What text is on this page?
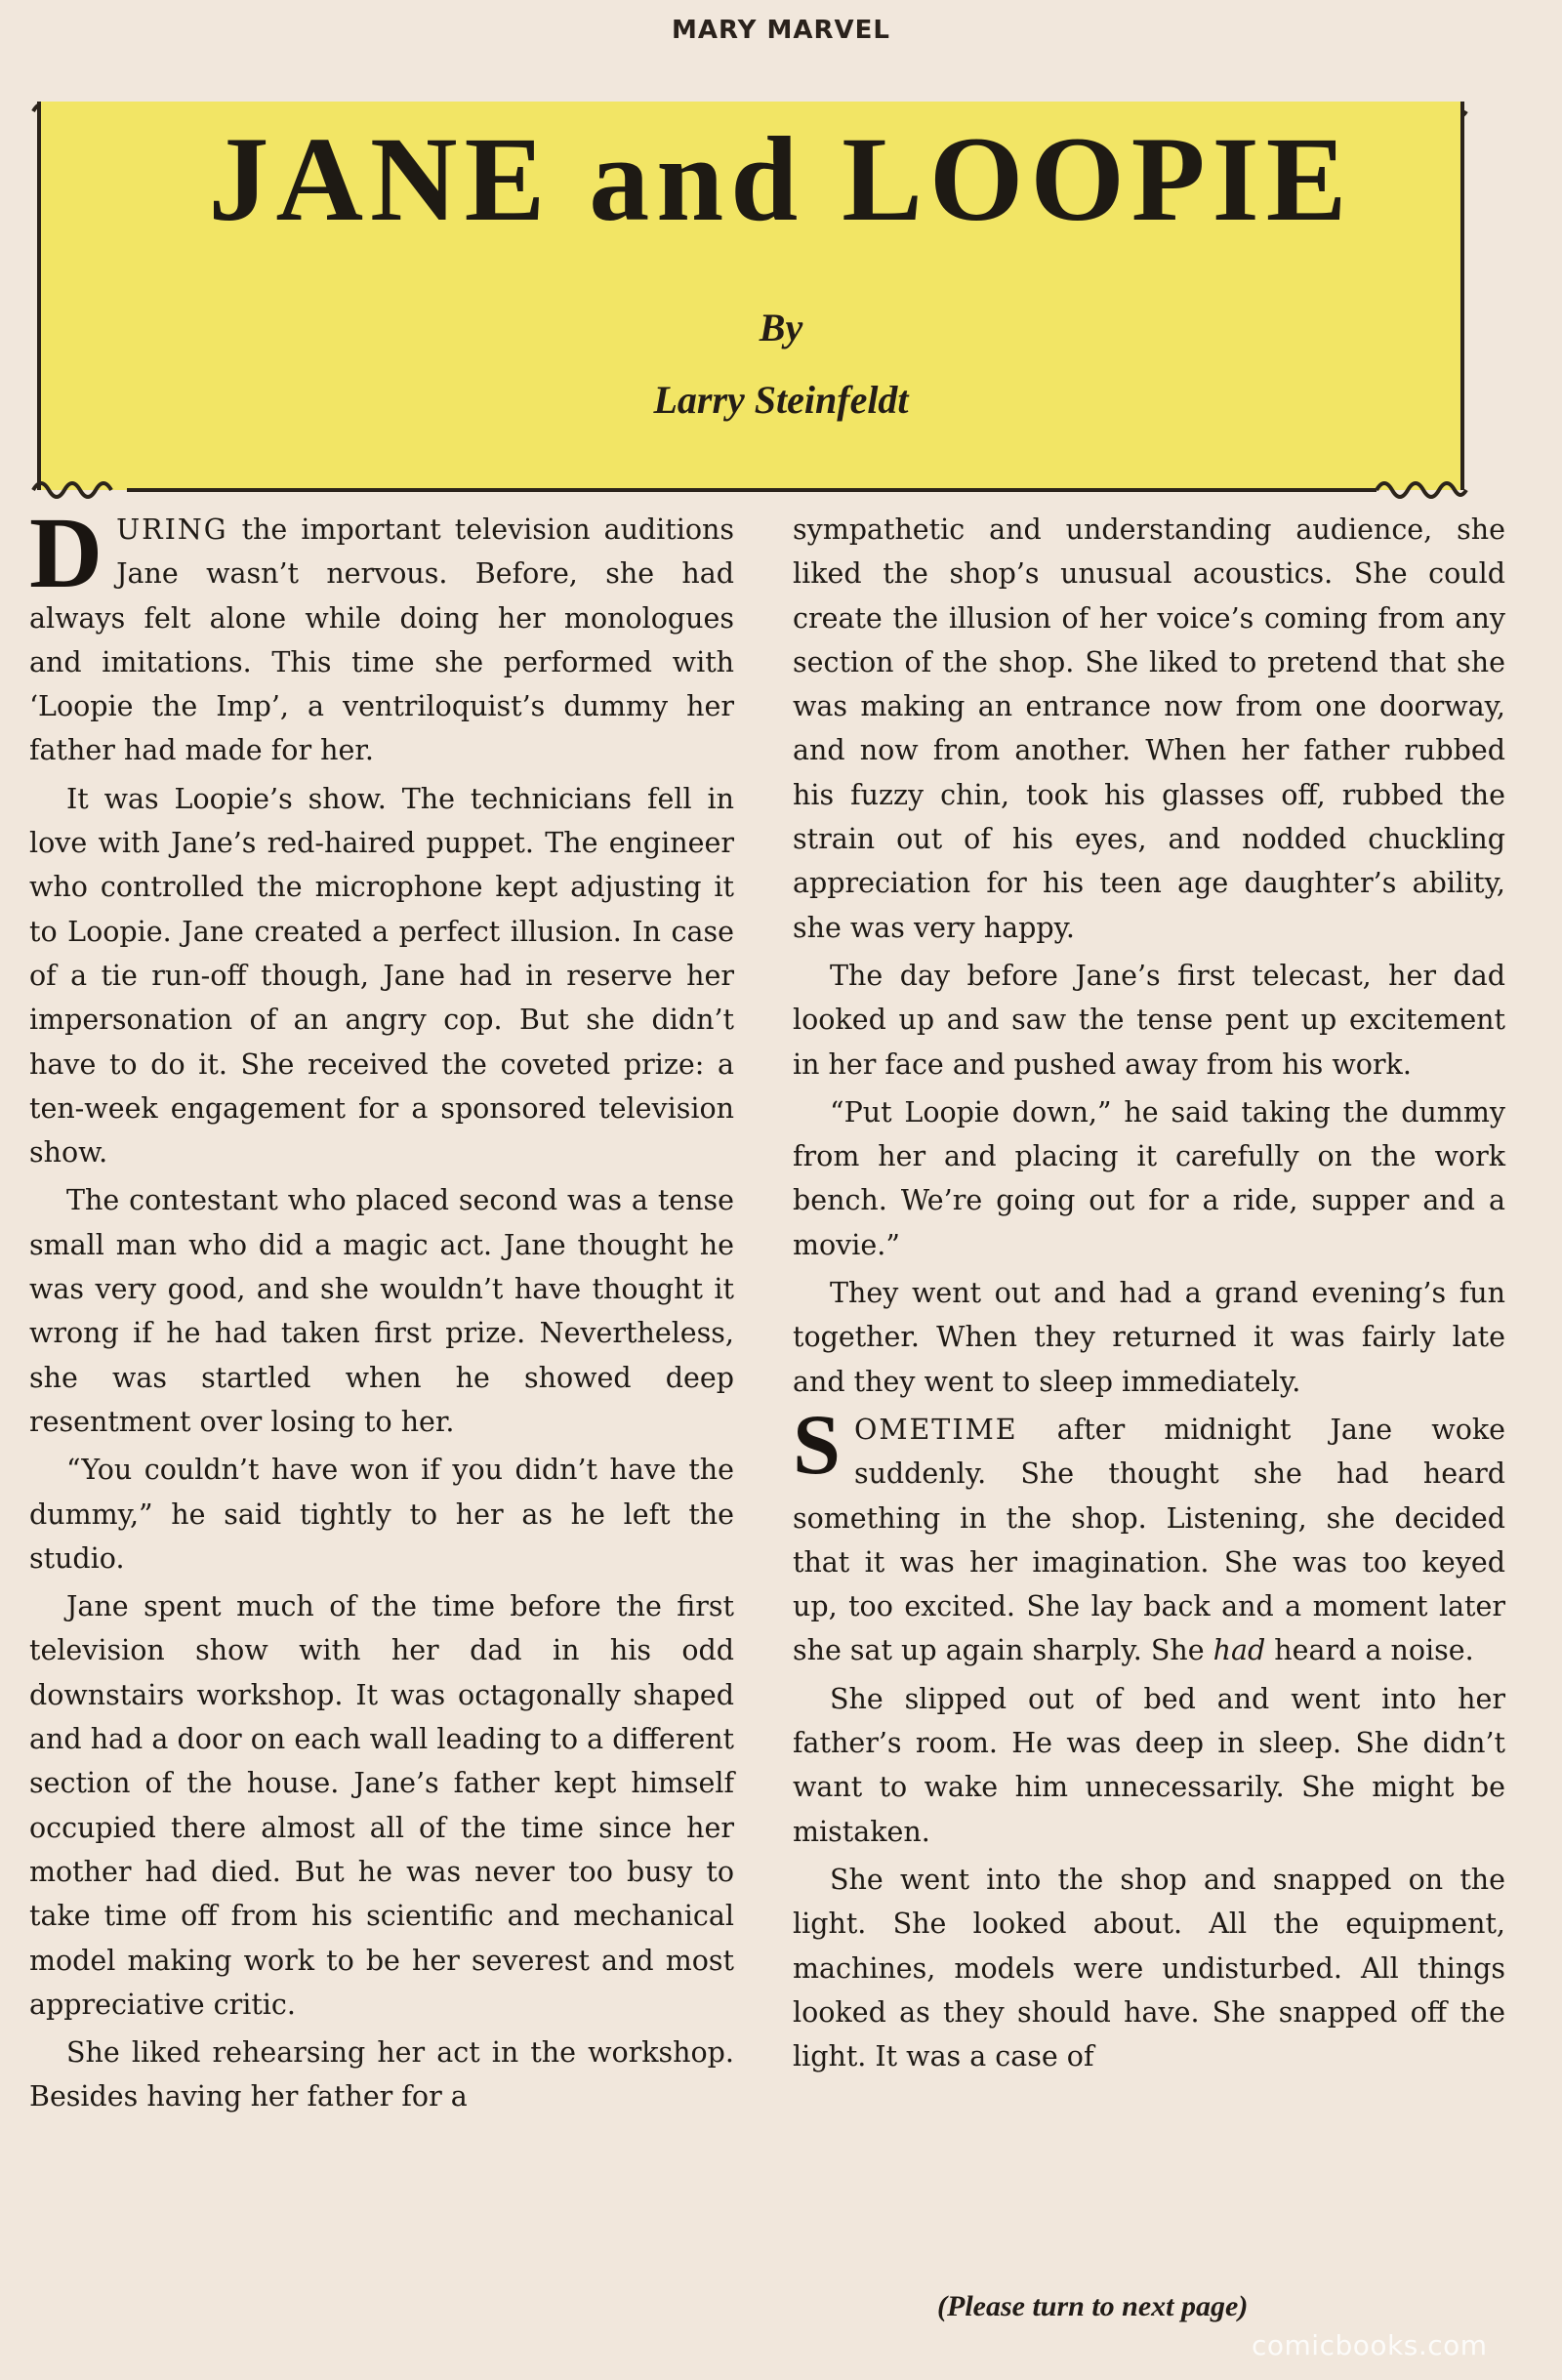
MARY MARVEL
JANE and LOOPIE
By
Larry Steinfeldt

DURING the important television auditions Jane wasn’t nervous. Before, she had always felt alone while doing her monologues and imitations. This time she performed with ‘Loopie the Imp’, a ventriloquist’s dummy her father had made for her.

It was Loopie’s show. The technicians fell in love with Jane’s red-haired puppet. The engineer who controlled the microphone kept adjusting it to Loopie. Jane created a perfect illusion. In case of a tie run-off though, Jane had in reserve her impersonation of an angry cop. But she didn’t have to do it. She received the coveted prize: a ten-week engagement for a sponsored television show.

The contestant who placed second was a tense small man who did a magic act. Jane thought he was very good, and she wouldn’t have thought it wrong if he had taken first prize. Nevertheless, she was startled when he showed deep resentment over losing to her.

“You couldn’t have won if you didn’t have the dummy,” he said tightly to her as he left the studio.

Jane spent much of the time before the first television show with her dad in his odd downstairs workshop. It was octagonally shaped and had a door on each wall leading to a different section of the house. Jane’s father kept himself occupied there almost all of the time since her mother had died. But he was never too busy to take time off from his scientific and mechanical model making work to be her severest and most appreciative critic.

She liked rehearsing her act in the workshop. Besides having her father for a

sympathetic and understanding audience, she liked the shop’s unusual acoustics. She could create the illusion of her voice’s coming from any section of the shop. She liked to pretend that she was making an entrance now from one doorway, and now from another. When her father rubbed his fuzzy chin, took his glasses off, rubbed the strain out of his eyes, and nodded chuckling appreciation for his teen age daughter’s ability, she was very happy.

The day before Jane’s first telecast, her dad looked up and saw the tense pent up excitement in her face and pushed away from his work.

“Put Loopie down,” he said taking the dummy from her and placing it carefully on the work bench. We’re going out for a ride, supper and a movie.”

They went out and had a grand evening’s fun together. When they returned it was fairly late and they went to sleep immediately.

SOMETIME after midnight Jane woke suddenly. She thought she had heard something in the shop. Listening, she decided that it was her imagination. She was too keyed up, too excited. She lay back and a moment later she sat up again sharply. She had heard a noise.

She slipped out of bed and went into her father’s room. He was deep in sleep. She didn’t want to wake him unnecessarily. She might be mistaken.

She went into the shop and snapped on the light. She looked about. All the equipment, machines, models were undisturbed. All things looked as they should have. She snapped off the light. It was a case of

(Please turn to next page)
comicbooks.com
